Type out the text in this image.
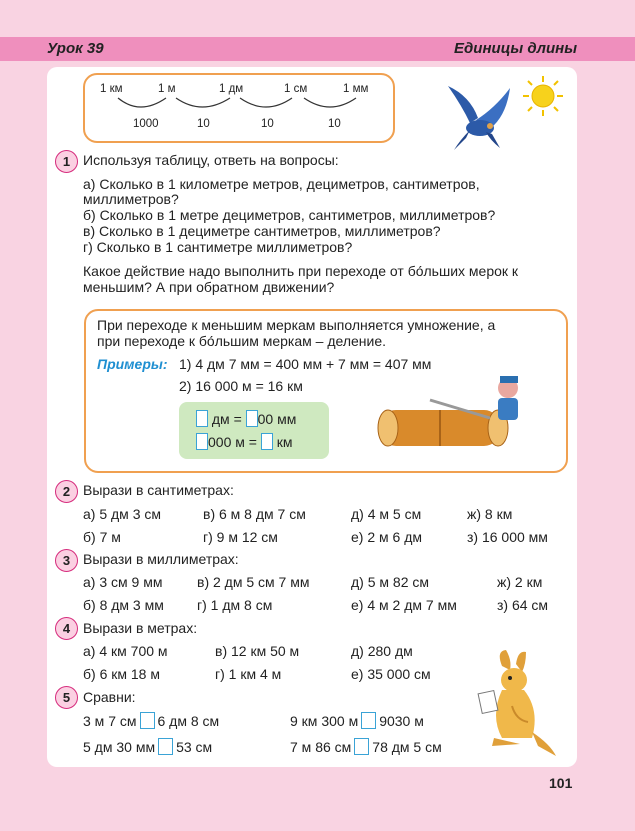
Урок 39	Единицы длины
1 км	1 м	1 дм	1 см	1 мм
1000	10	10	10
1 Используя таблицу, ответь на вопросы:
а) Сколько в 1 километре метров, дециметров, сантиметров,
миллиметров?
б) Сколько в 1 метре дециметров, сантиметров, миллиметров?
в) Сколько в 1 дециметре сантиметров, миллиметров?
г) Сколько в 1 сантиметре миллиметров?
Какое действие надо выполнить при переходе от бо́льших мерок к
меньшим? А при обратном движении?
При переходе к меньшим меркам выполняется умножение, а
при переходе к бо́льшим меркам – деление.
Примеры: 1) 4 дм 7 мм = 400 мм + 7 мм = 407 мм
2) 16 000 м = 16 км
дм = 00 мм
000 м = км
2 Вырази в сантиметрах:
а) 5 дм 3 см	в) 6 м 8 дм 7 см	д) 4 м 5 см	ж) 8 км
б) 7 м	г) 9 м 12 см	е) 2 м 6 дм	з) 16 000 мм
3 Вырази в миллиметрах:
а) 3 см 9 мм в) 2 дм 5 см 7 мм	д) 5 м 82 см	ж) 2 км
б) 8 дм 3 мм г) 1 дм 8 см	е) 4 м 2 дм 7 мм	з) 64 см
4 Вырази в метрах:
а) 4 км 700 м	в) 12 км 50 м	д) 280 дм
б) 6 км 18 м	г) 1 км 4 м	е) 35 000 см
5 Сравни:
3 м 7 см 6 дм 8 см	9 км 300 м 9030 м
5 дм 30 мм 53 см	7 м 86 см 78 дм 5 см
101
